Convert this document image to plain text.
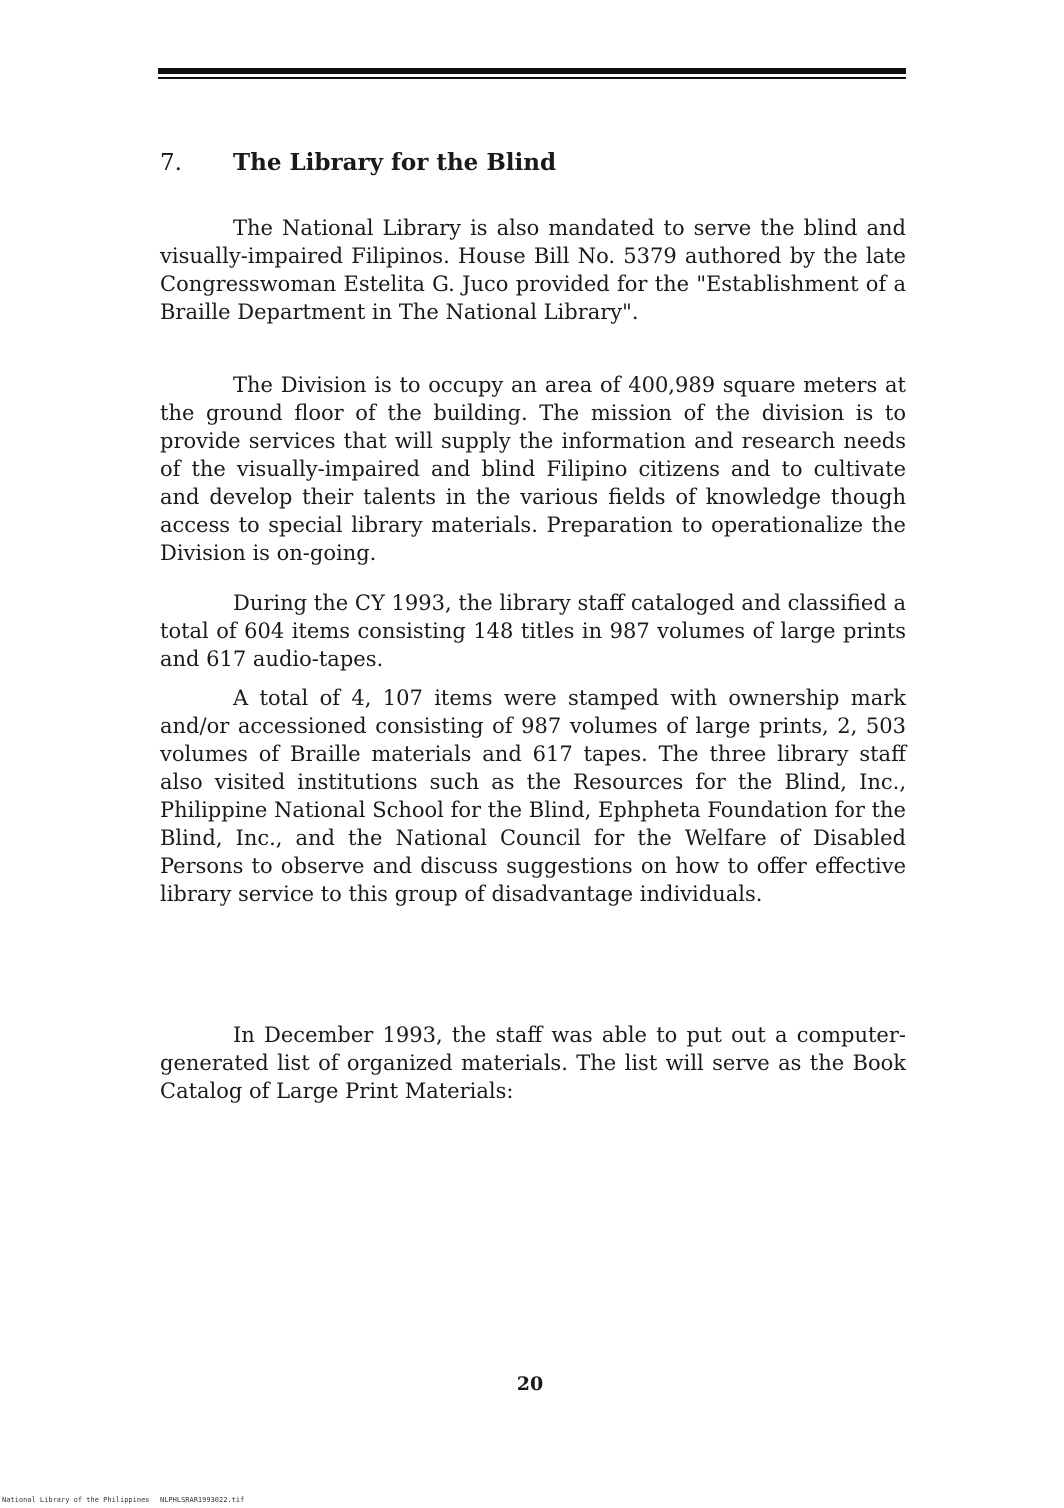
7. The Library for the Blind

The National Library is also mandated to serve the blind and visually-impaired Filipinos. House Bill No. 5379 authored by the late Congresswoman Estelita G. Juco provided for the "Establishment of a Braille Department in The National Library".

The Division is to occupy an area of 400,989 square meters at the ground floor of the building. The mission of the division is to provide services that will supply the information and research needs of the visually-impaired and blind Filipino citizens and to cultivate and develop their talents in the various fields of knowledge though access to special library materials. Preparation to operationalize the Division is on-going.

During the CY 1993, the library staff cataloged and classified a total of 604 items consisting 148 titles in 987 volumes of large prints and 617 audio-tapes.

A total of 4, 107 items were stamped with ownership mark and/or accessioned consisting of 987 volumes of large prints, 2, 503 volumes of Braille materials and 617 tapes. The three library staff also visited institutions such as the Resources for the Blind, Inc., Philippine National School for the Blind, Ephpheta Foundation for the Blind, Inc., and the National Council for the Welfare of Disabled Persons to observe and discuss suggestions on how to offer effective library service to this group of disadvantage individuals.

In December 1993, the staff was able to put out a computer-generated list of organized materials. The list will serve as the Book Catalog of Large Print Materials:

20
National Library of the Philippines NLPHLSRAR1993022.tif
